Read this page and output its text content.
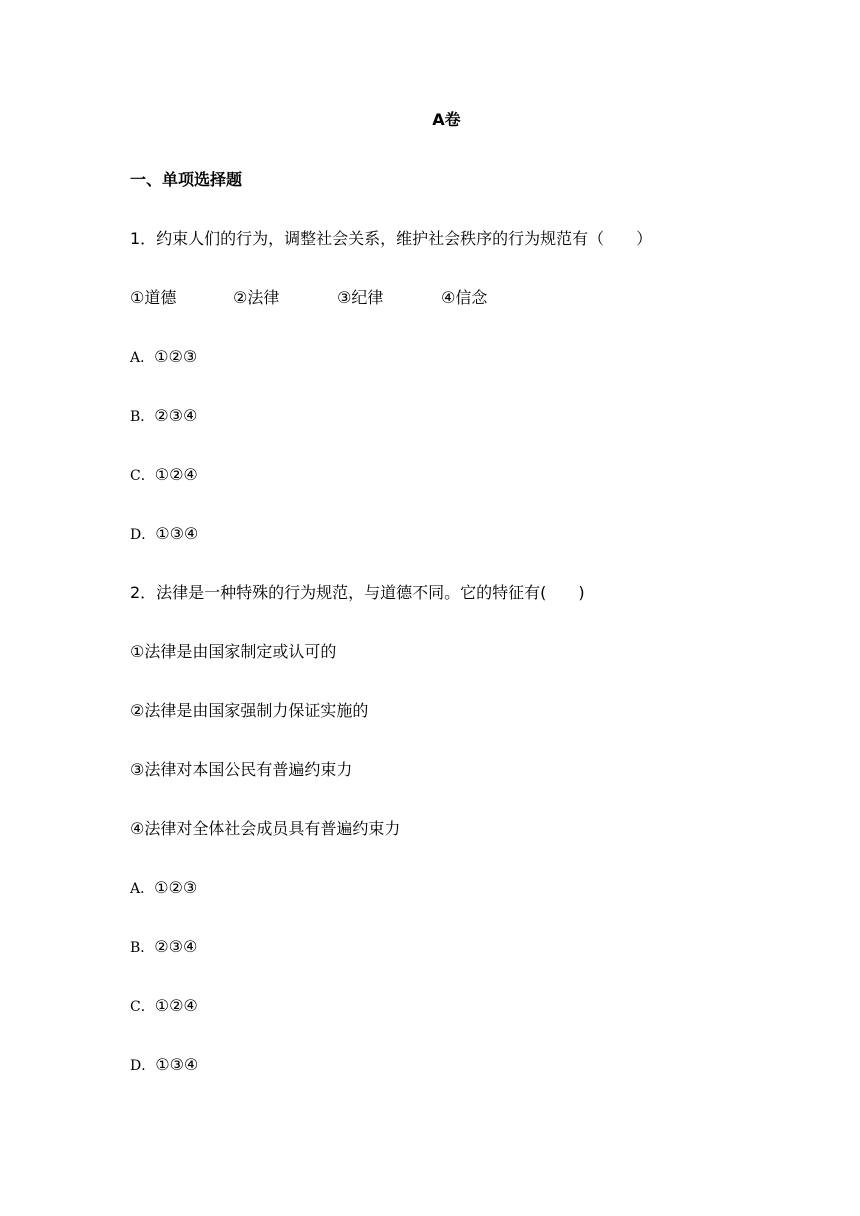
A卷
一、单项选择题
1．约束人们的行为，调整社会关系，维护社会秩序的行为规范有（　　）
①道德	②法律	③纪律	④信念
A．①②③
B．②③④
C．①②④
D．①③④
2．法律是一种特殊的行为规范，与道德不同。它的特征有(　　)
①法律是由国家制定或认可的
②法律是由国家强制力保证实施的
③法律对本国公民有普遍约束力
④法律对全体社会成员具有普遍约束力
A．①②③
B．②③④
C．①②④
D．①③④
